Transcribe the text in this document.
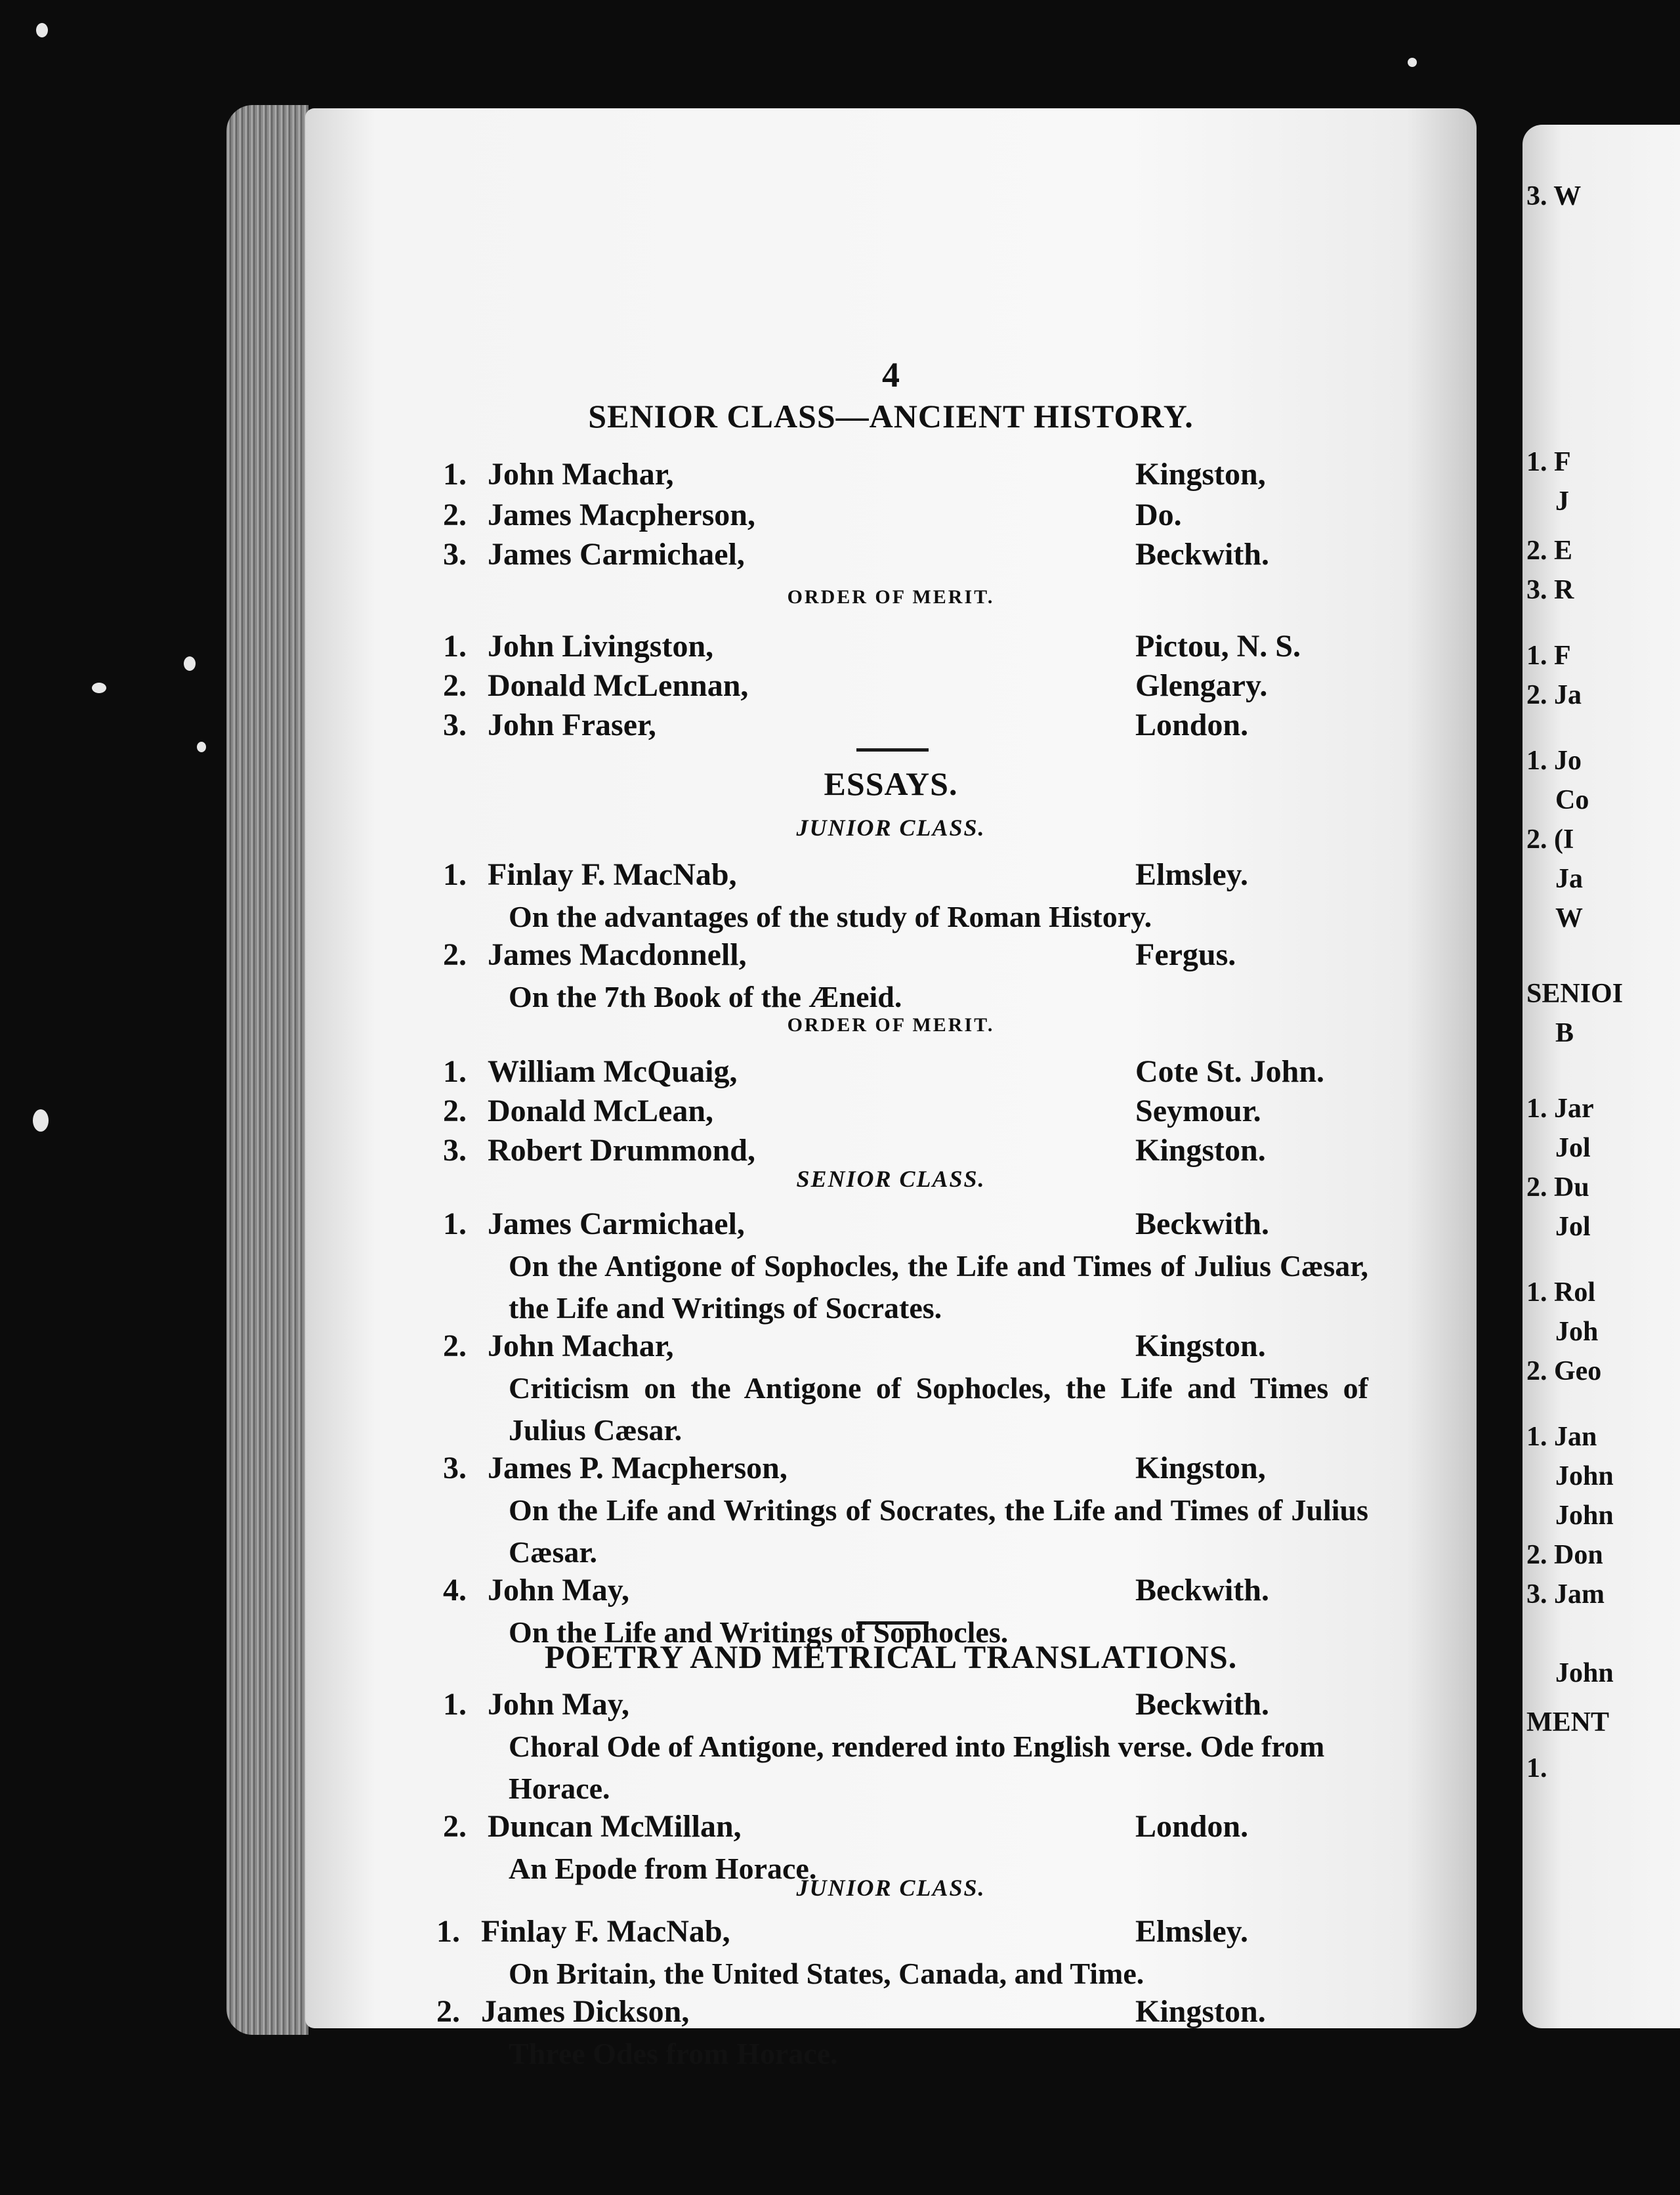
3. W
1. F
J
2. E
3. R
1. F
2. Ja
1. Jo
Co
2. (I
Ja
W
SENIOI
B
1. Jar
Jol
2. Du
Jol
1. Rol
Joh
2. Geo
1. Jan
John
John
2. Don
3. Jam
John
MENT
1.
4
SENIOR CLASS—ANCIENT HISTORY.
ORDER OF MERIT.
ESSAYS.
JUNIOR CLASS.
ORDER OF MERIT.
SENIOR CLASS.
POETRY AND METRICAL TRANSLATIONS.
JUNIOR CLASS.
1. John Machar,	Kingston,
2. James Macpherson,	Do.
3. James Carmichael,	Beckwith.
1. John Livingston,	Pictou, N. S.
2. Donald McLennan,	Glengary.
3. John Fraser,	London.
1. Finlay F. MacNab,	Elmsley.
On the advantages of the study of Roman History.
2. James Macdonnell,	Fergus.
On the 7th Book of the Æneid.
1. William McQuaig,	Cote St. John.
2. Donald McLean,	Seymour.
3. Robert Drummond,	Kingston.
1. James Carmichael,	Beckwith.
On the Antigone of Sophocles, the Life and Times of Julius Cæsar, the Life and Writings of Socrates.
2. John Machar,	Kingston.
Criticism on the Antigone of Sophocles, the Life and Times of Julius Cæsar.
3. James P. Macpherson,	Kingston,
On the Life and Writings of Socrates, the Life and Times of Julius Cæsar.
4. John May,	Beckwith.
On the Life and Writings of Sophocles.
1. John May,	Beckwith.
Choral Ode of Antigone, rendered into English verse. Ode from Horace.
2. Duncan McMillan,	London.
An Epode from Horace.
1. Finlay F. MacNab,	Elmsley.
On Britain, the United States, Canada, and Time.
2. James Dickson,	Kingston.
Three Odes from Horace.
